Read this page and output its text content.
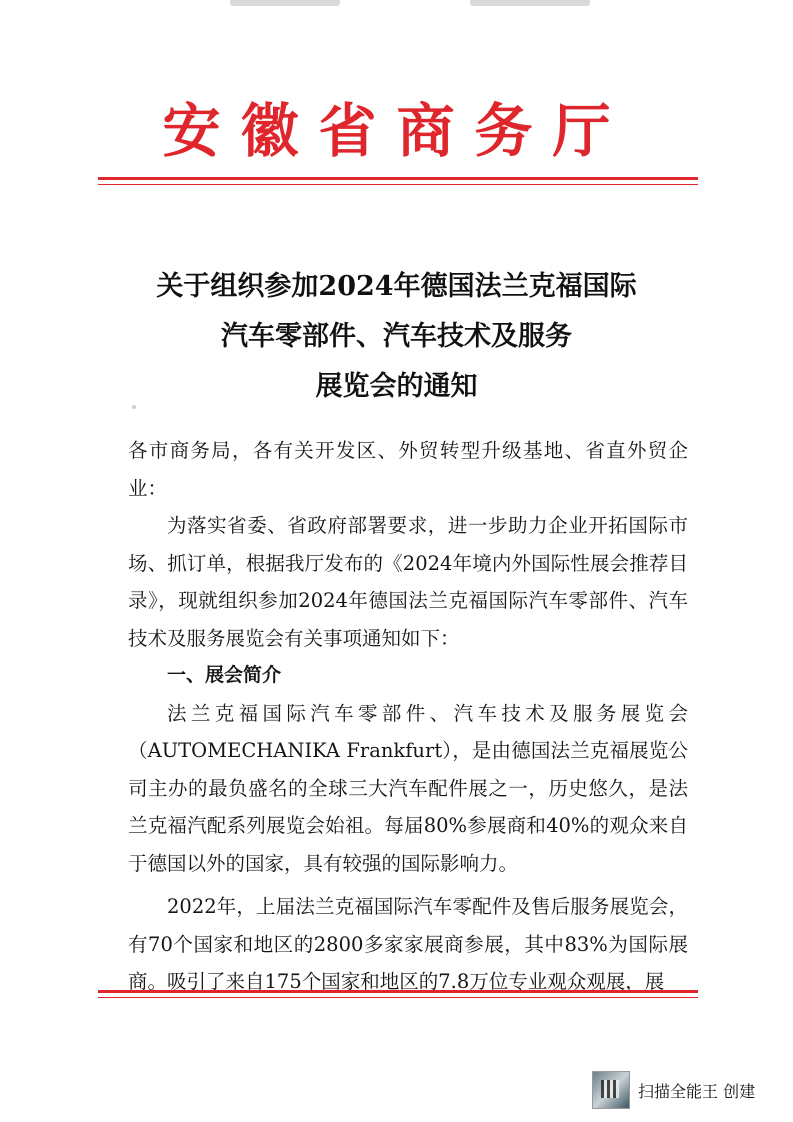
安徽省商务厅
关于组织参加2024年德国法兰克福国际
汽车零部件、汽车技术及服务
展览会的通知

各市商务局，各有关开发区、外贸转型升级基地、省直外贸企业：

为落实省委、省政府部署要求，进一步助力企业开拓国际市场、抓订单，根据我厅发布的《2024年境内外国际性展会推荐目录》，现就组织参加2024年德国法兰克福国际汽车零部件、汽车技术及服务展览会有关事项通知如下：

一、展会简介

法兰克福国际汽车零部件、汽车技术及服务展览会（AUTOMECHANIKA Frankfurt），是由德国法兰克福展览公司主办的最负盛名的全球三大汽车配件展之一，历史悠久，是法兰克福汽配系列展览会始祖。每届80%参展商和40%的观众来自于德国以外的国家，具有较强的国际影响力。

2022年，上届法兰克福国际汽车零配件及售后服务展览会，有70个国家和地区的2800多家家展商参展，其中83%为国际展商。吸引了来自175个国家和地区的7.8万位专业观众观展，展

扫描全能王 创建
